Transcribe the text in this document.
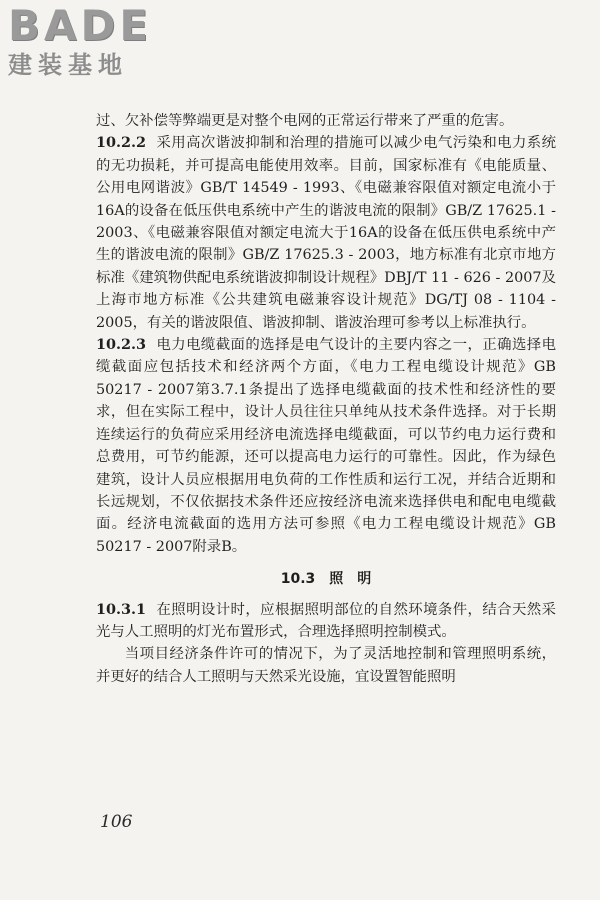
BADE
建装基地

过、欠补偿等弊端更是对整个电网的正常运行带来了严重的危害。

10.2.2 采用高次谐波抑制和治理的措施可以减少电气污染和电力系统的无功损耗，并可提高电能使用效率。目前，国家标准有《电能质量、公用电网谐波》GB/T 14549 - 1993、《电磁兼容限值对额定电流小于16A的设备在低压供电系统中产生的谐波电流的限制》GB/Z 17625.1 - 2003、《电磁兼容限值对额定电流大于16A的设备在低压供电系统中产生的谐波电流的限制》GB/Z 17625.3 - 2003，地方标准有北京市地方标准《建筑物供配电系统谐波抑制设计规程》DBJ/T 11 - 626 - 2007及上海市地方标准《公共建筑电磁兼容设计规范》DG/TJ 08 - 1104 - 2005，有关的谐波限值、谐波抑制、谐波治理可参考以上标准执行。

10.2.3 电力电缆截面的选择是电气设计的主要内容之一，正确选择电缆截面应包括技术和经济两个方面，《电力工程电缆设计规范》GB 50217 - 2007第3.7.1条提出了选择电缆截面的技术性和经济性的要求，但在实际工程中，设计人员往往只单纯从技术条件选择。对于长期连续运行的负荷应采用经济电流选择电缆截面，可以节约电力运行费和总费用，可节约能源，还可以提高电力运行的可靠性。因此，作为绿色建筑，设计人员应根据用电负荷的工作性质和运行工况，并结合近期和长远规划，不仅依据技术条件还应按经济电流来选择供电和配电电缆截面。经济电流截面的选用方法可参照《电力工程电缆设计规范》GB 50217 - 2007附录B。

10.3 照 明

10.3.1 在照明设计时，应根据照明部位的自然环境条件，结合天然采光与人工照明的灯光布置形式，合理选择照明控制模式。

当项目经济条件许可的情况下，为了灵活地控制和管理照明系统，并更好的结合人工照明与天然采光设施，宜设置智能照明

106
